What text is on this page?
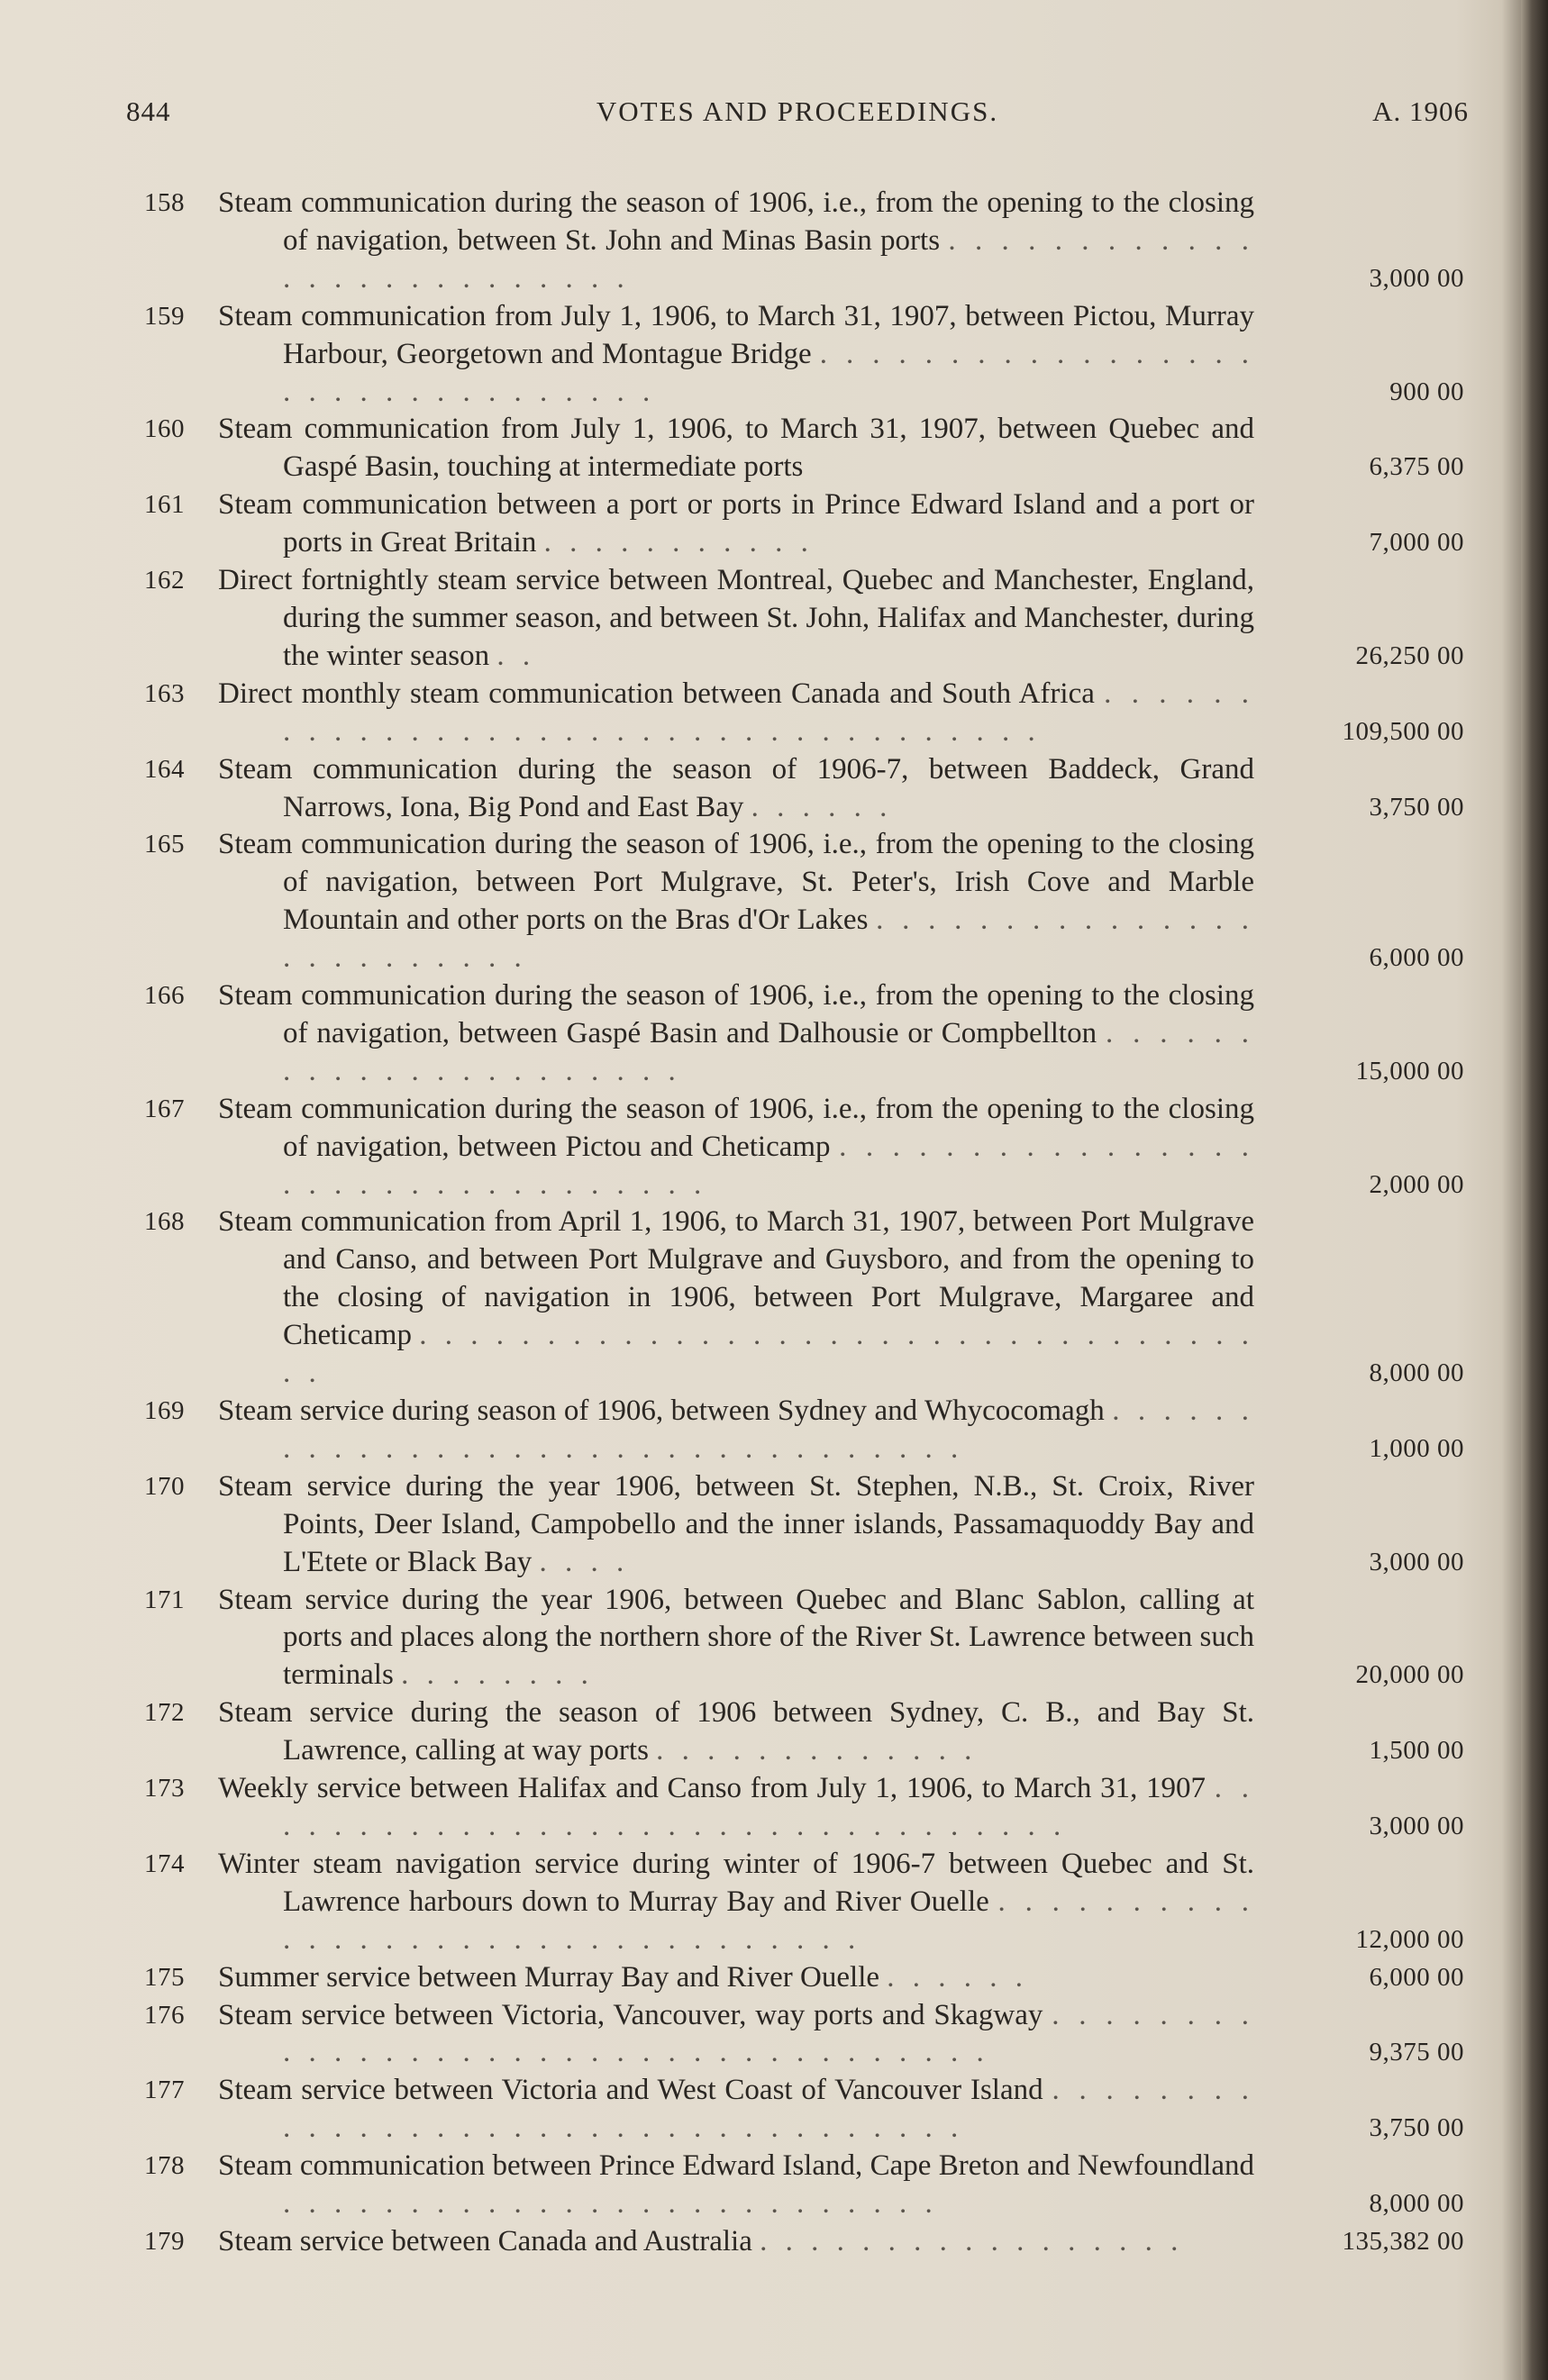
844	VOTES AND PROCEEDINGS.	A. 1906
158 Steam communication during the season of 1906, i.e., from the opening to the closing of navigation, between St. John and Minas Basin ports . . . . . . . . . . . . . . . . . . . . . . . . . .	3,000 00
159 Steam communication from July 1, 1906, to March 31, 1907, between Pictou, Murray Harbour, Georgetown and Montague Bridge . . . . . . . . . . . . . . . . . . . . . . . . . . . . . . . .	900 00
160 Steam communication from July 1, 1906, to March 31, 1907, between Quebec and Gaspé Basin, touching at intermediate ports	6,375 00
161 Steam communication between a port or ports in Prince Edward Island and a port or ports in Great Britain . . . . . . . . . . .	7,000 00
162 Direct fortnightly steam service between Montreal, Quebec and Manchester, England, during the summer season, and between St. John, Halifax and Manchester, during the winter season . .	26,250 00
163 Direct monthly steam communication between Canada and South Africa . . . . . . . . . . . . . . . . . . . . . . . . . . . . . . . . . . . .	109,500 00
164 Steam communication during the season of 1906-7, between Baddeck, Grand Narrows, Iona, Big Pond and East Bay . . . . . .	3,750 00
165 Steam communication during the season of 1906, i.e., from the opening to the closing of navigation, between Port Mulgrave, St. Peter's, Irish Cove and Marble Mountain and other ports on the Bras d'Or Lakes . . . . . . . . . . . . . . . . . . . . . . . . .	6,000 00
166 Steam communication during the season of 1906, i.e., from the opening to the closing of navigation, between Gaspé Basin and Dalhousie or Compbellton . . . . . . . . . . . . . . . . . . . . . .	15,000 00
167 Steam communication during the season of 1906, i.e., from the opening to the closing of navigation, between Pictou and Cheticamp . . . . . . . . . . . . . . . . . . . . . . . . . . . . . . . . .	2,000 00
168 Steam communication from April 1, 1906, to March 31, 1907, between Port Mulgrave and Canso, and between Port Mulgrave and Guysboro, and from the opening to the closing of navigation in 1906, between Port Mulgrave, Margaree and Cheticamp . . . . . . . . . . . . . . . . . . . . . . . . . . . . . . . . . . .	8,000 00
169 Steam service during season of 1906, between Sydney and Whycocomagh . . . . . . . . . . . . . . . . . . . . . . . . . . . . . . . . .	1,000 00
170 Steam service during the year 1906, between St. Stephen, N.B., St. Croix, River Points, Deer Island, Campobello and the inner islands, Passamaquoddy Bay and L'Etete or Black Bay . . . .	3,000 00
171 Steam service during the year 1906, between Quebec and Blanc Sablon, calling at ports and places along the northern shore of the River St. Lawrence between such terminals . . . . . . . .	20,000 00
172 Steam service during the season of 1906 between Sydney, C. B., and Bay St. Lawrence, calling at way ports . . . . . . . . . . . . .	1,500 00
173 Weekly service between Halifax and Canso from July 1, 1906, to March 31, 1907 . . . . . . . . . . . . . . . . . . . . . . . . . . . . . . . . .	3,000 00
174 Winter steam navigation service during winter of 1906-7 between Quebec and St. Lawrence harbours down to Murray Bay and River Ouelle . . . . . . . . . . . . . . . . . . . . . . . . . . . . . . . . .	12,000 00
175 Summer service between Murray Bay and River Ouelle . . . . . .	6,000 00
176 Steam service between Victoria, Vancouver, way ports and Skagway . . . . . . . . . . . . . . . . . . . . . . . . . . . . . . . . . . . .	9,375 00
177 Steam service between Victoria and West Coast of Vancouver Island . . . . . . . . . . . . . . . . . . . . . . . . . . . . . . . . . . .	3,750 00
178 Steam communication between Prince Edward Island, Cape Breton and Newfoundland . . . . . . . . . . . . . . . . . . . . . . . . . .	8,000 00
179 Steam service between Canada and Australia . . . . . . . . . . . . . . . . .	135,382 00
